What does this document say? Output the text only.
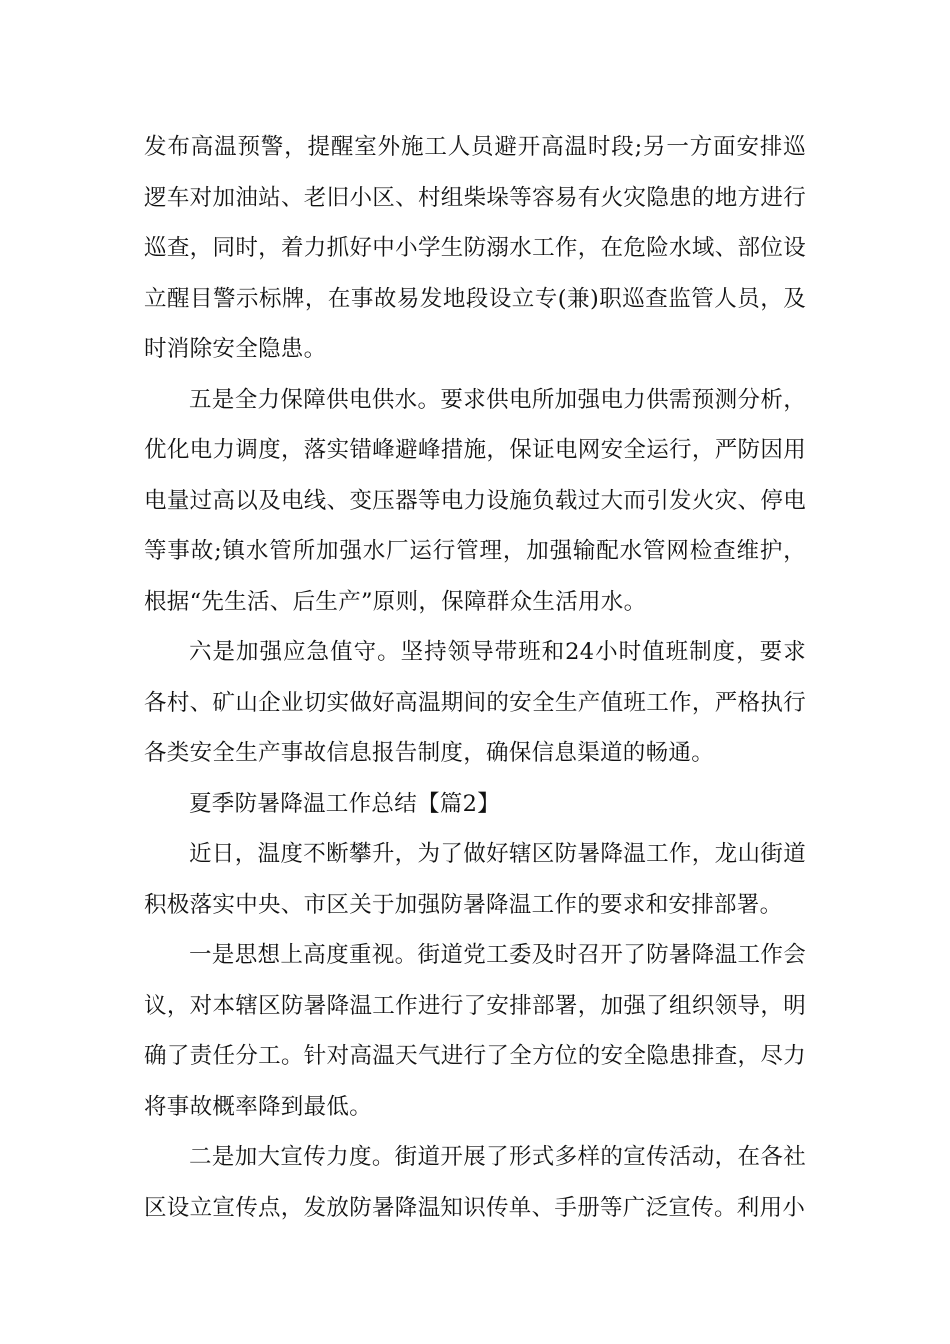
发布高温预警，提醒室外施工人员避开高温时段;另一方面安排巡逻车对加油站、老旧小区、村组柴垛等容易有火灾隐患的地方进行巡查，同时，着力抓好中小学生防溺水工作，在危险水域、部位设立醒目警示标牌，在事故易发地段设立专(兼)职巡查监管人员，及时消除安全隐患。

五是全力保障供电供水。要求供电所加强电力供需预测分析，优化电力调度，落实错峰避峰措施，保证电网安全运行，严防因用电量过高以及电线、变压器等电力设施负载过大而引发火灾、停电等事故;镇水管所加强水厂运行管理，加强输配水管网检查维护，根据“先生活、后生产”原则，保障群众生活用水。

六是加强应急值守。坚持领导带班和24小时值班制度，要求各村、矿山企业切实做好高温期间的安全生产值班工作，严格执行各类安全生产事故信息报告制度，确保信息渠道的畅通。

夏季防暑降温工作总结【篇2】

近日，温度不断攀升，为了做好辖区防暑降温工作，龙山街道积极落实中央、市区关于加强防暑降温工作的要求和安排部署。

一是思想上高度重视。街道党工委及时召开了防暑降温工作会议，对本辖区防暑降温工作进行了安排部署，加强了组织领导，明确了责任分工。针对高温天气进行了全方位的安全隐患排查，尽力将事故概率降到最低。

二是加大宣传力度。街道开展了形式多样的宣传活动，在各社区设立宣传点，发放防暑降温知识传单、手册等广泛宣传。利用小
